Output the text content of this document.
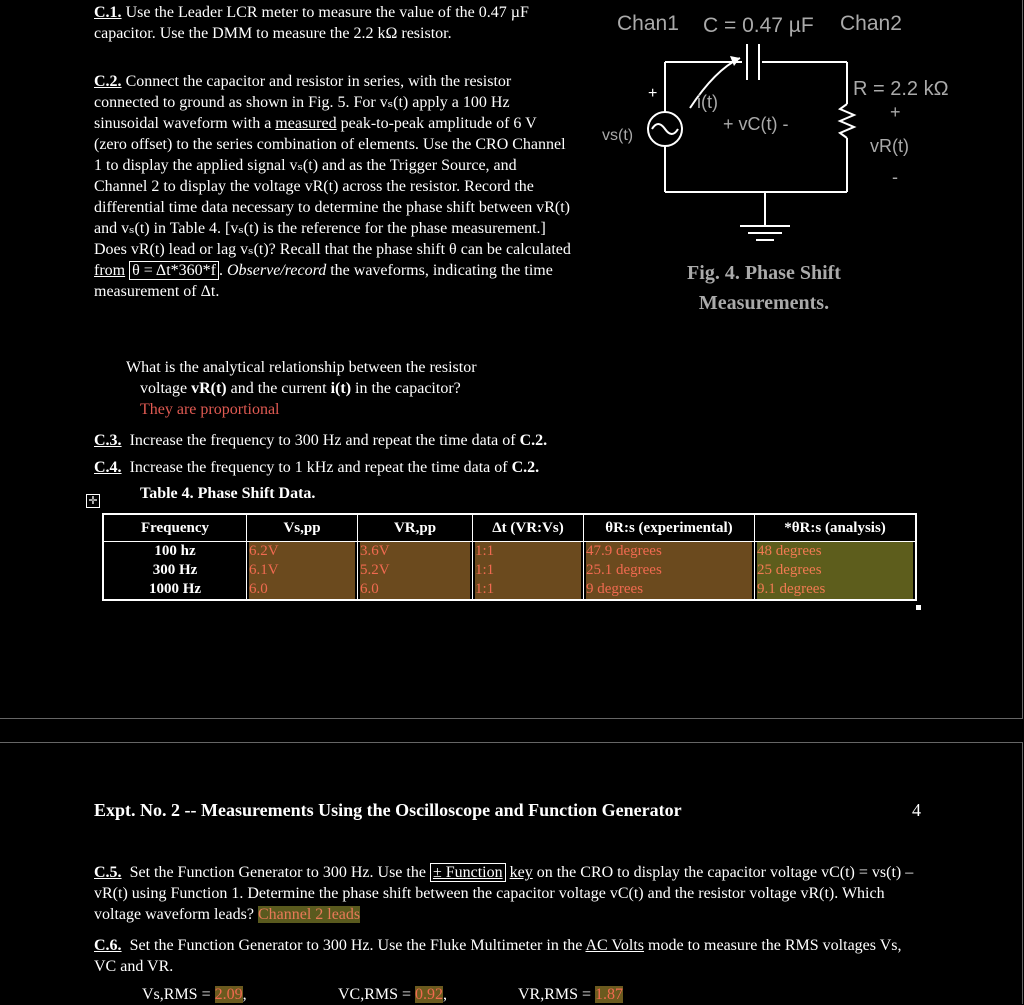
C.1. Use the Leader LCR meter to measure the value of the 0.47 µF capacitor. Use the DMM to measure the 2.2 kΩ resistor.
C.2. Connect the capacitor and resistor in series, with the resistor connected to ground as shown in Fig. 5. For vₛ(t) apply a 100 Hz sinusoidal waveform with a measured peak-to-peak amplitude of 6 V (zero offset) to the series combination of elements. Use the CRO Channel 1 to display the applied signal vₛ(t) and as the Trigger Source, and Channel 2 to display the voltage vR(t) across the resistor. Record the differential time data necessary to determine the phase shift between vR(t) and vₛ(t) in Table 4. [vₛ(t) is the reference for the phase measurement.] Does vR(t) lead or lag vₛ(t)? Recall that the phase shift θ can be calculated from θ = Δt*360*f . Observe/record the waveforms, indicating the time measurement of Δt.
What is the analytical relationship between the resistor
voltage vR(t) and the current i(t) in the capacitor?
They are proportional
C.3. Increase the frequency to 300 Hz and repeat the time data of C.2.
C.4. Increase the frequency to 1 kHz and repeat the time data of C.2.
✛	Table 4. Phase Shift Data.
Frequency	Vs,pp	VR,pp	Δt (VR:Vs)	θR:s (experimental)	*θR:s (analysis)
100 hz	6.2V	3.6V	1:1	47.9 degrees	48 degrees

300 Hz	6.1V	5.2V	1:1	25.1 degrees	25 degrees

1000 Hz	6.0	6.0	1:1	9 degrees	9.1 degrees
Chan1 C = 0.47 µF Chan2
R = 2.2 kΩ
+
+
-
i(t)
vs(t)
+ vC(t) -
vR(t)
Fig. 4. Phase Shift
Measurements.
Expt. No. 2 -- Measurements Using the Oscilloscope and Function Generator	4
C.5. Set the Function Generator to 300 Hz. Use the ± Function key on the CRO to display the capacitor voltage vC(t) = vs(t) – vR(t) using Function 1. Determine the phase shift between the capacitor voltage vC(t) and the resistor voltage vR(t). Which voltage waveform leads? Channel 2 leads
C.6. Set the Function Generator to 300 Hz. Use the Fluke Multimeter in the AC Volts mode to measure the RMS voltages Vs, VC and VR.
Vs,RMS = 2.09,	VC,RMS = 0.92,	VR,RMS = 1.87
